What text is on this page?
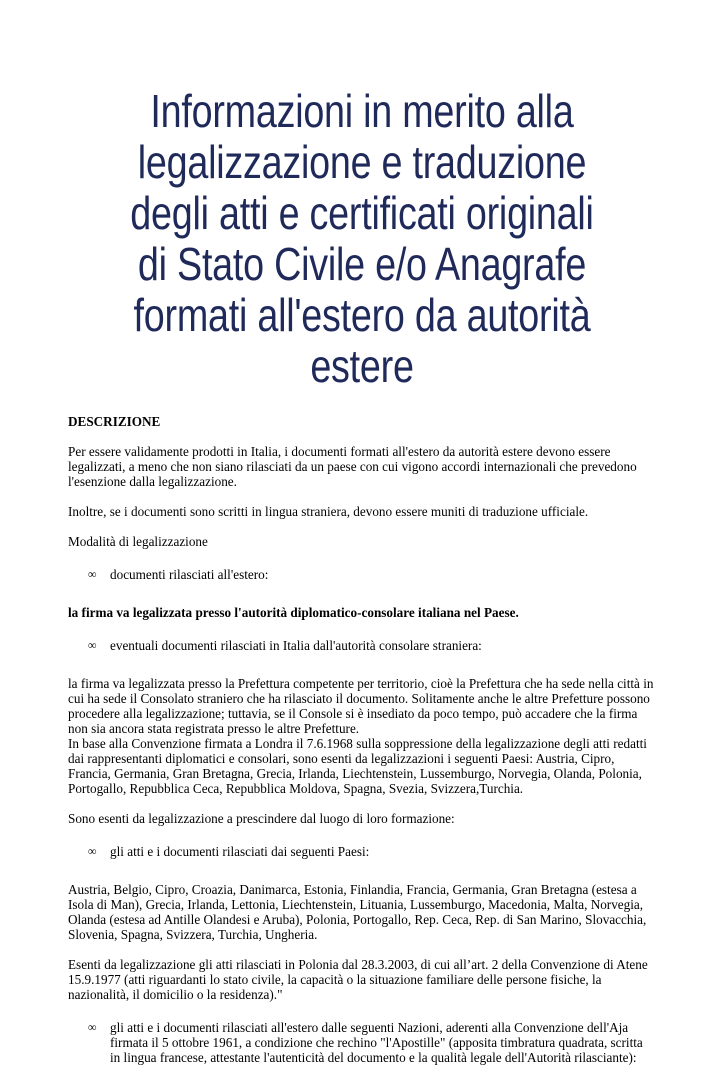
Informazioni in merito alla legalizzazione e traduzione degli atti e certificati originali di Stato Civile e/o Anagrafe formati all'estero da autorità estere

DESCRIZIONE

Per essere validamente prodotti in Italia, i documenti formati all'estero da autorità estere devono essere legalizzati, a meno che non siano rilasciati da un paese con cui vigono accordi internazionali che prevedono l'esenzione dalla legalizzazione.

Inoltre, se i documenti sono scritti in lingua straniera, devono essere muniti di traduzione ufficiale.

Modalità di legalizzazione

∞	documenti rilasciati all'estero:

la firma va legalizzata presso l'autorità diplomatico-consolare italiana nel Paese.

∞	eventuali documenti rilasciati in Italia dall'autorità consolare straniera:

la firma va legalizzata presso la Prefettura competente per territorio, cioè la Prefettura che ha sede nella città in cui ha sede il Consolato straniero che ha rilasciato il documento. Solitamente anche le altre Prefetture possono procedere alla legalizzazione; tuttavia, se il Console si è insediato da poco tempo, può accadere che la firma non sia ancora stata registrata presso le altre Prefetture.

In base alla Convenzione firmata a Londra il 7.6.1968 sulla soppressione della legalizzazione degli atti redatti dai rappresentanti diplomatici e consolari, sono esenti da legalizzazioni i seguenti Paesi: Austria, Cipro, Francia, Germania, Gran Bretagna, Grecia, Irlanda, Liechtenstein, Lussemburgo, Norvegia, Olanda, Polonia, Portogallo, Repubblica Ceca, Repubblica Moldova, Spagna, Svezia, Svizzera,Turchia.

Sono esenti da legalizzazione a prescindere dal luogo di loro formazione:

∞	gli atti e i documenti rilasciati dai seguenti Paesi:

Austria, Belgio, Cipro, Croazia, Danimarca, Estonia, Finlandia, Francia, Germania, Gran Bretagna (estesa a Isola di Man), Grecia, Irlanda, Lettonia, Liechtenstein, Lituania, Lussemburgo, Macedonia, Malta, Norvegia, Olanda (estesa ad Antille Olandesi e Aruba), Polonia, Portogallo, Rep. Ceca, Rep. di San Marino, Slovacchia, Slovenia, Spagna, Svizzera, Turchia, Ungheria.

Esenti da legalizzazione gli atti rilasciati in Polonia dal 28.3.2003, di cui all’art. 2 della Convenzione di Atene 15.9.1977 (atti riguardanti lo stato civile, la capacità o la situazione familiare delle persone fisiche, la nazionalità, il domicilio o la residenza)."

∞	gli atti e i documenti rilasciati all'estero dalle seguenti Nazioni, aderenti alla Convenzione dell'Aja firmata il 5 ottobre 1961, a condizione che rechino "l'Apostille" (apposita timbratura quadrata, scritta in lingua francese, attestante l'autenticità del documento e la qualità legale dell'Autorità rilasciante):
